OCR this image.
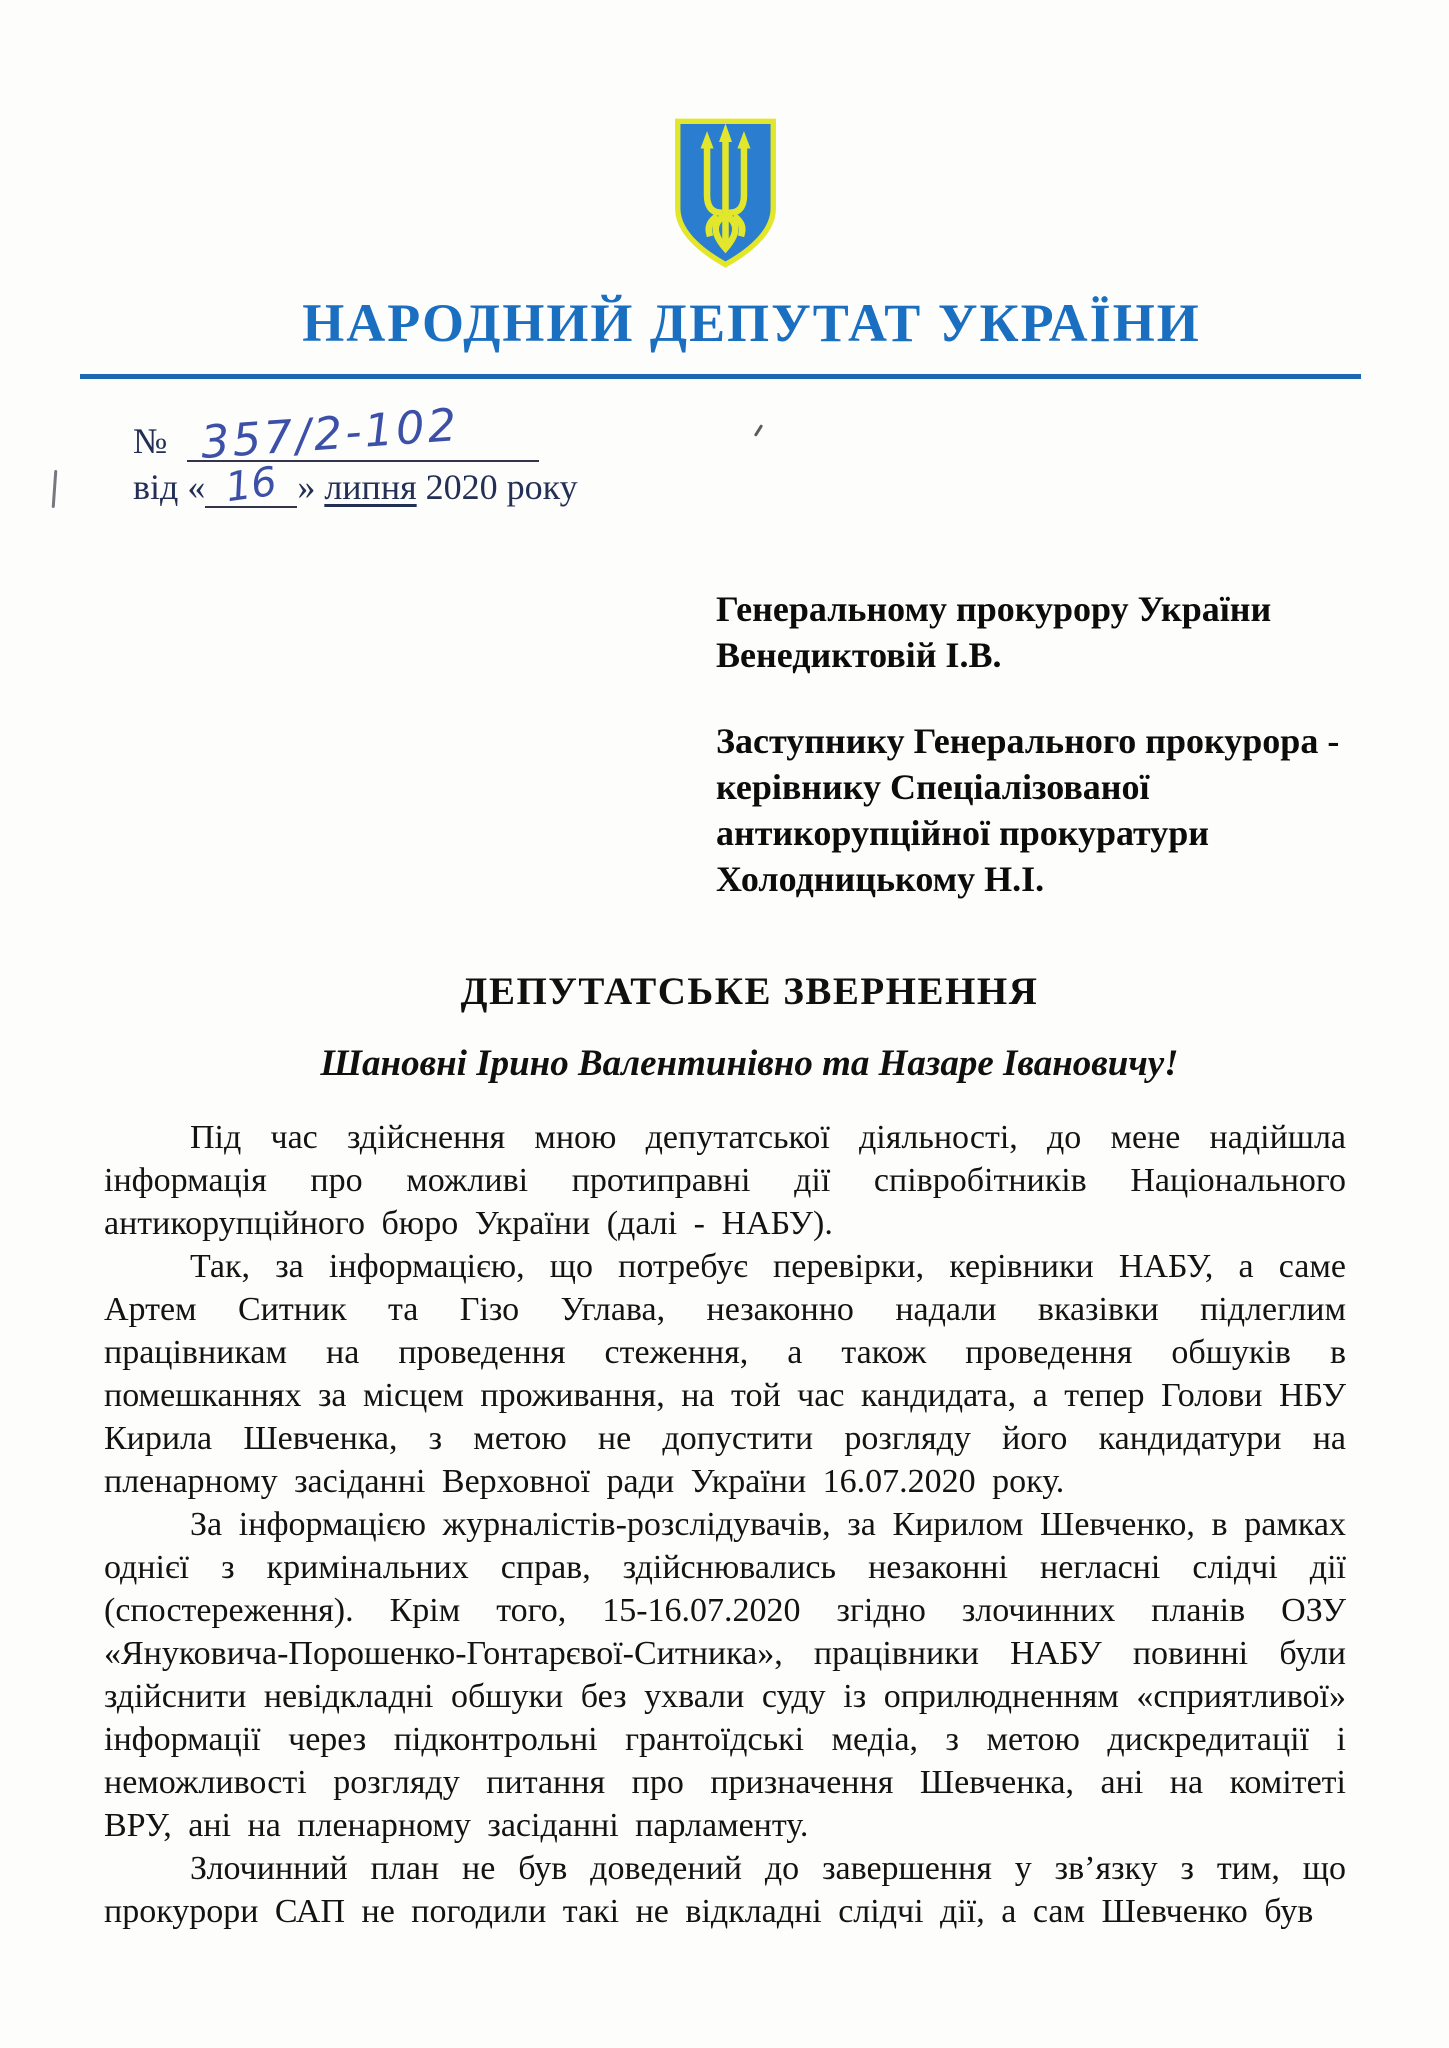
НАРОДНИЙ ДЕПУТАТ УКРАЇНИ
№ 357/2-102
від « 16 » липня 2020 року
Генеральному прокурору України
Венедиктовій І.В.
Заступнику Генерального прокурора -
керівнику Спеціалізованої
антикорупційної прокуратури
Холодницькому Н.І.
ДЕПУТАТСЬКЕ ЗВЕРНЕННЯ
Шановні Ірино Валентинівно та Назаре Івановичу!

Під час здійснення мною депутатської діяльності, до мене надійшла інформація про можливі протиправні дії співробітників Національного антикорупційного бюро України (далі - НАБУ).

Так, за інформацією, що потребує перевірки, керівники НАБУ, а саме Артем Ситник та Гізо Углава, незаконно надали вказівки підлеглим працівникам на проведення стеження, а також проведення обшуків в помешканнях за місцем проживання, на той час кандидата, а тепер Голови НБУ Кирила Шевченка, з метою не допустити розгляду його кандидатури на пленарному засіданні Верховної ради України 16.07.2020 року.

За інформацією журналістів-розслідувачів, за Кирилом Шевченко, в рамках однієї з кримінальних справ, здійснювались незаконні негласні слідчі дії (спостереження). Крім того, 15-16.07.2020 згідно злочинних планів ОЗУ «Януковича-Порошенко-Гонтарєвої-Ситника», працівники НАБУ повинні були здійснити невідкладні обшуки без ухвали суду із оприлюдненням «сприятливої» інформації через підконтрольні грантоїдські медіа, з метою дискредитації і неможливості розгляду питання про призначення Шевченка, ані на комітеті ВРУ, ані на пленарному засіданні парламенту.

Злочинний план не був доведений до завершення у зв’язку з тим, що прокурори САП не погодили такі не відкладні слідчі дії, а сам Шевченко був
